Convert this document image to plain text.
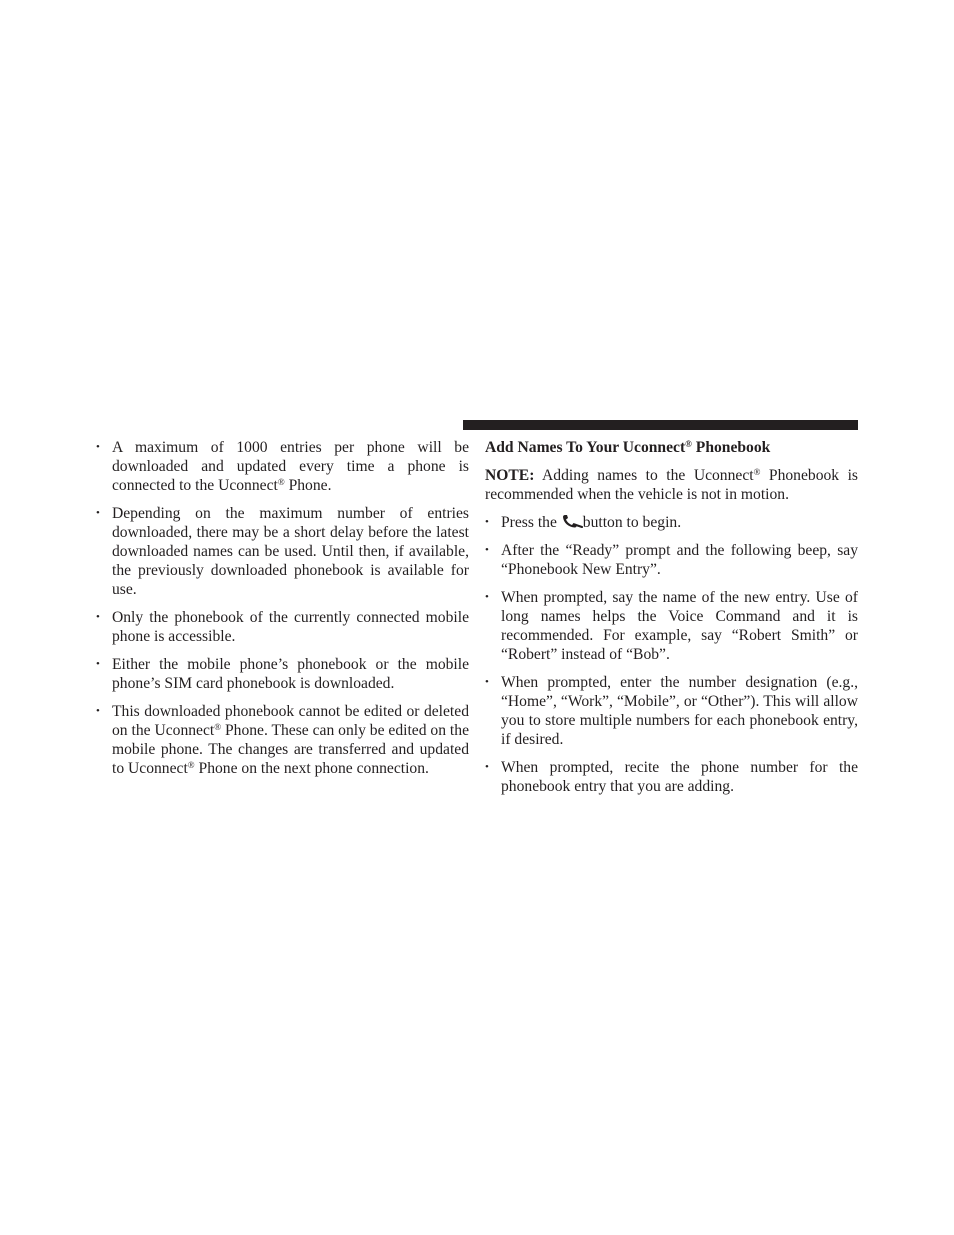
• A maximum of 1000 entries per phone will be downloaded and updated every time a phone is connected to the Uconnect® Phone.
• Depending on the maximum number of entries downloaded, there may be a short delay before the latest downloaded names can be used. Until then, if available, the previously downloaded phonebook is available for use.
• Only the phonebook of the currently connected mobile phone is accessible.
• Either the mobile phone’s phonebook or the mobile phone’s SIM card phonebook is downloaded.
• This downloaded phonebook cannot be edited or deleted on the Uconnect® Phone. These can only be edited on the mobile phone. The changes are transferred and updated to Uconnect® Phone on the next phone connection.
Add Names To Your Uconnect® Phonebook
NOTE: Adding names to the Uconnect® Phonebook is recommended when the vehicle is not in motion.
• Press the button to begin.
• After the “Ready” prompt and the following beep, say “Phonebook New Entry”.
• When prompted, say the name of the new entry. Use of long names helps the Voice Command and it is recommended. For example, say “Robert Smith” or “Robert” instead of “Bob”.
• When prompted, enter the number designation (e.g., “Home”, “Work”, “Mobile”, or “Other”). This will allow you to store multiple numbers for each phonebook entry, if desired.
• When prompted, recite the phone number for the phonebook entry that you are adding.
